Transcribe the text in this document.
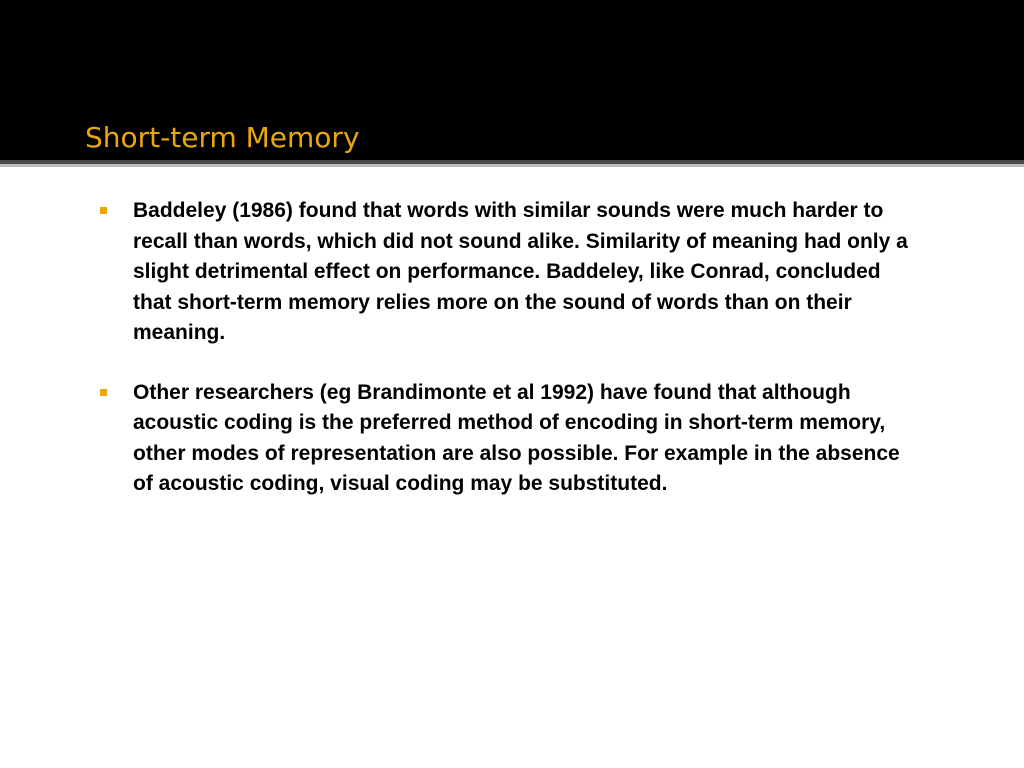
Short-term Memory
Baddeley (1986) found that words with similar sounds were much harder to recall than words, which did not sound alike. Similarity of meaning had only a slight detrimental effect on performance. Baddeley, like Conrad, concluded that short-term memory relies more on the sound of words than on their meaning.
Other researchers (eg Brandimonte et al 1992) have found that although acoustic coding is the preferred method of encoding in short-term memory, other modes of representation are also possible. For example in the absence of acoustic coding, visual coding may be substituted.
